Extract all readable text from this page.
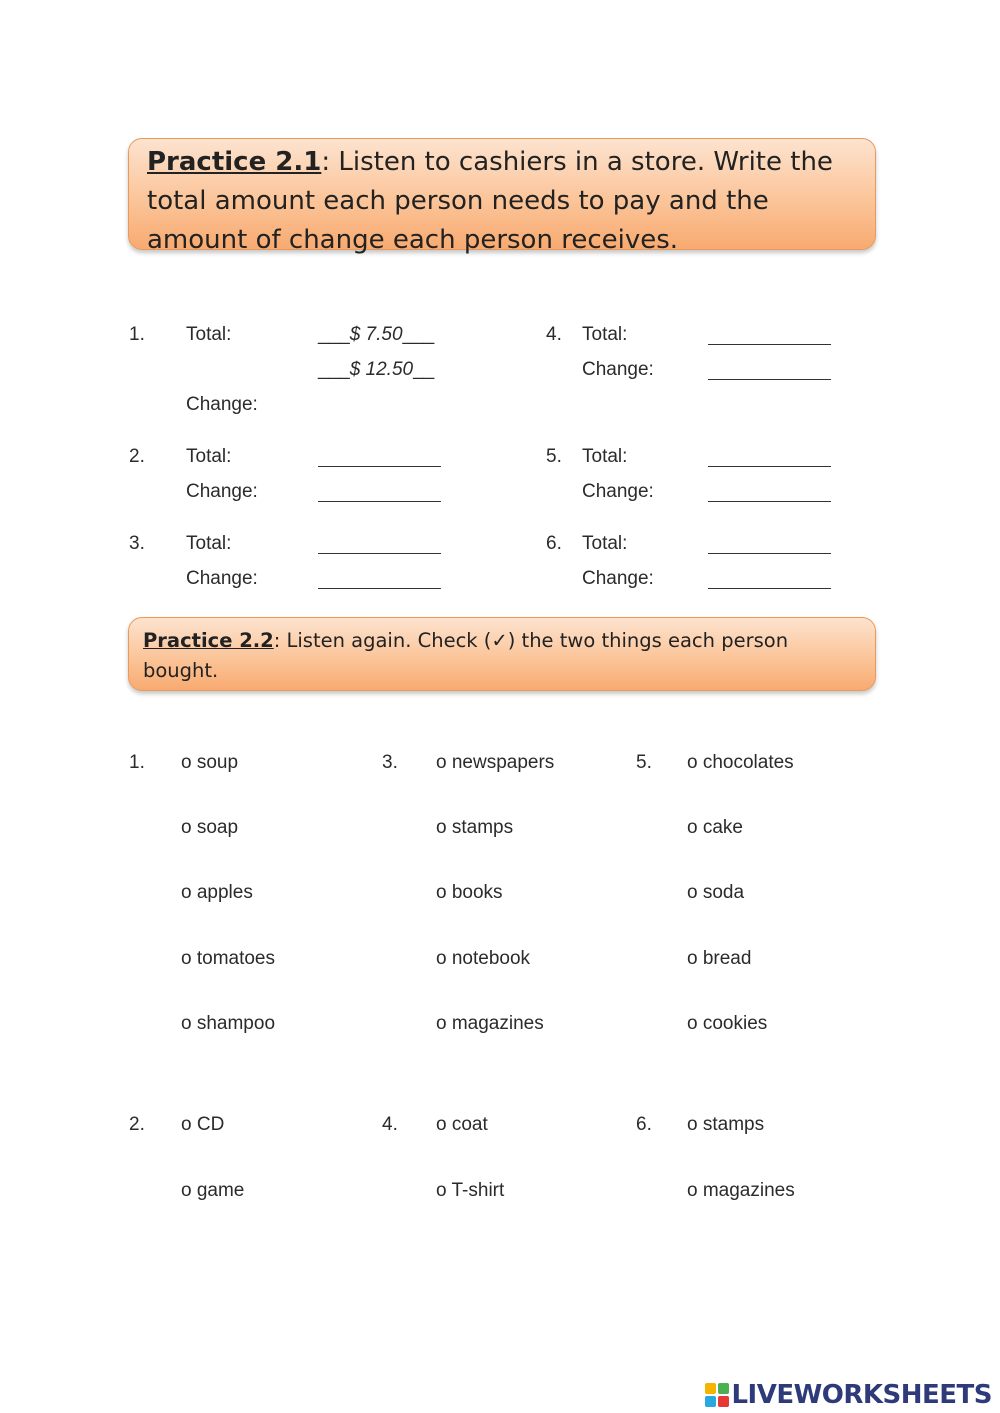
Practice 2.1: Listen to cashiers in a store. Write the total amount each person needs to pay and the amount of change each person receives.
1. Total:	___$ 7.50___
___$ 12.50__
Change:
2. Total:
Change:
3. Total:
Change:
4. Total:
Change:
5. Total:
Change:
6. Total:
Change:
Practice 2.2: Listen again. Check (✓) the two things each person bought.
1. o soup
o soap
o apples
o tomatoes
o shampoo
3. o newspapers
o stamps
o books
o notebook
o magazines
5. o chocolates
o cake
o soda
o bread
o cookies
2. o CD
o game
4. o coat
o T-shirt
6. o stamps
o magazines
LIVEWORKSHEETS
